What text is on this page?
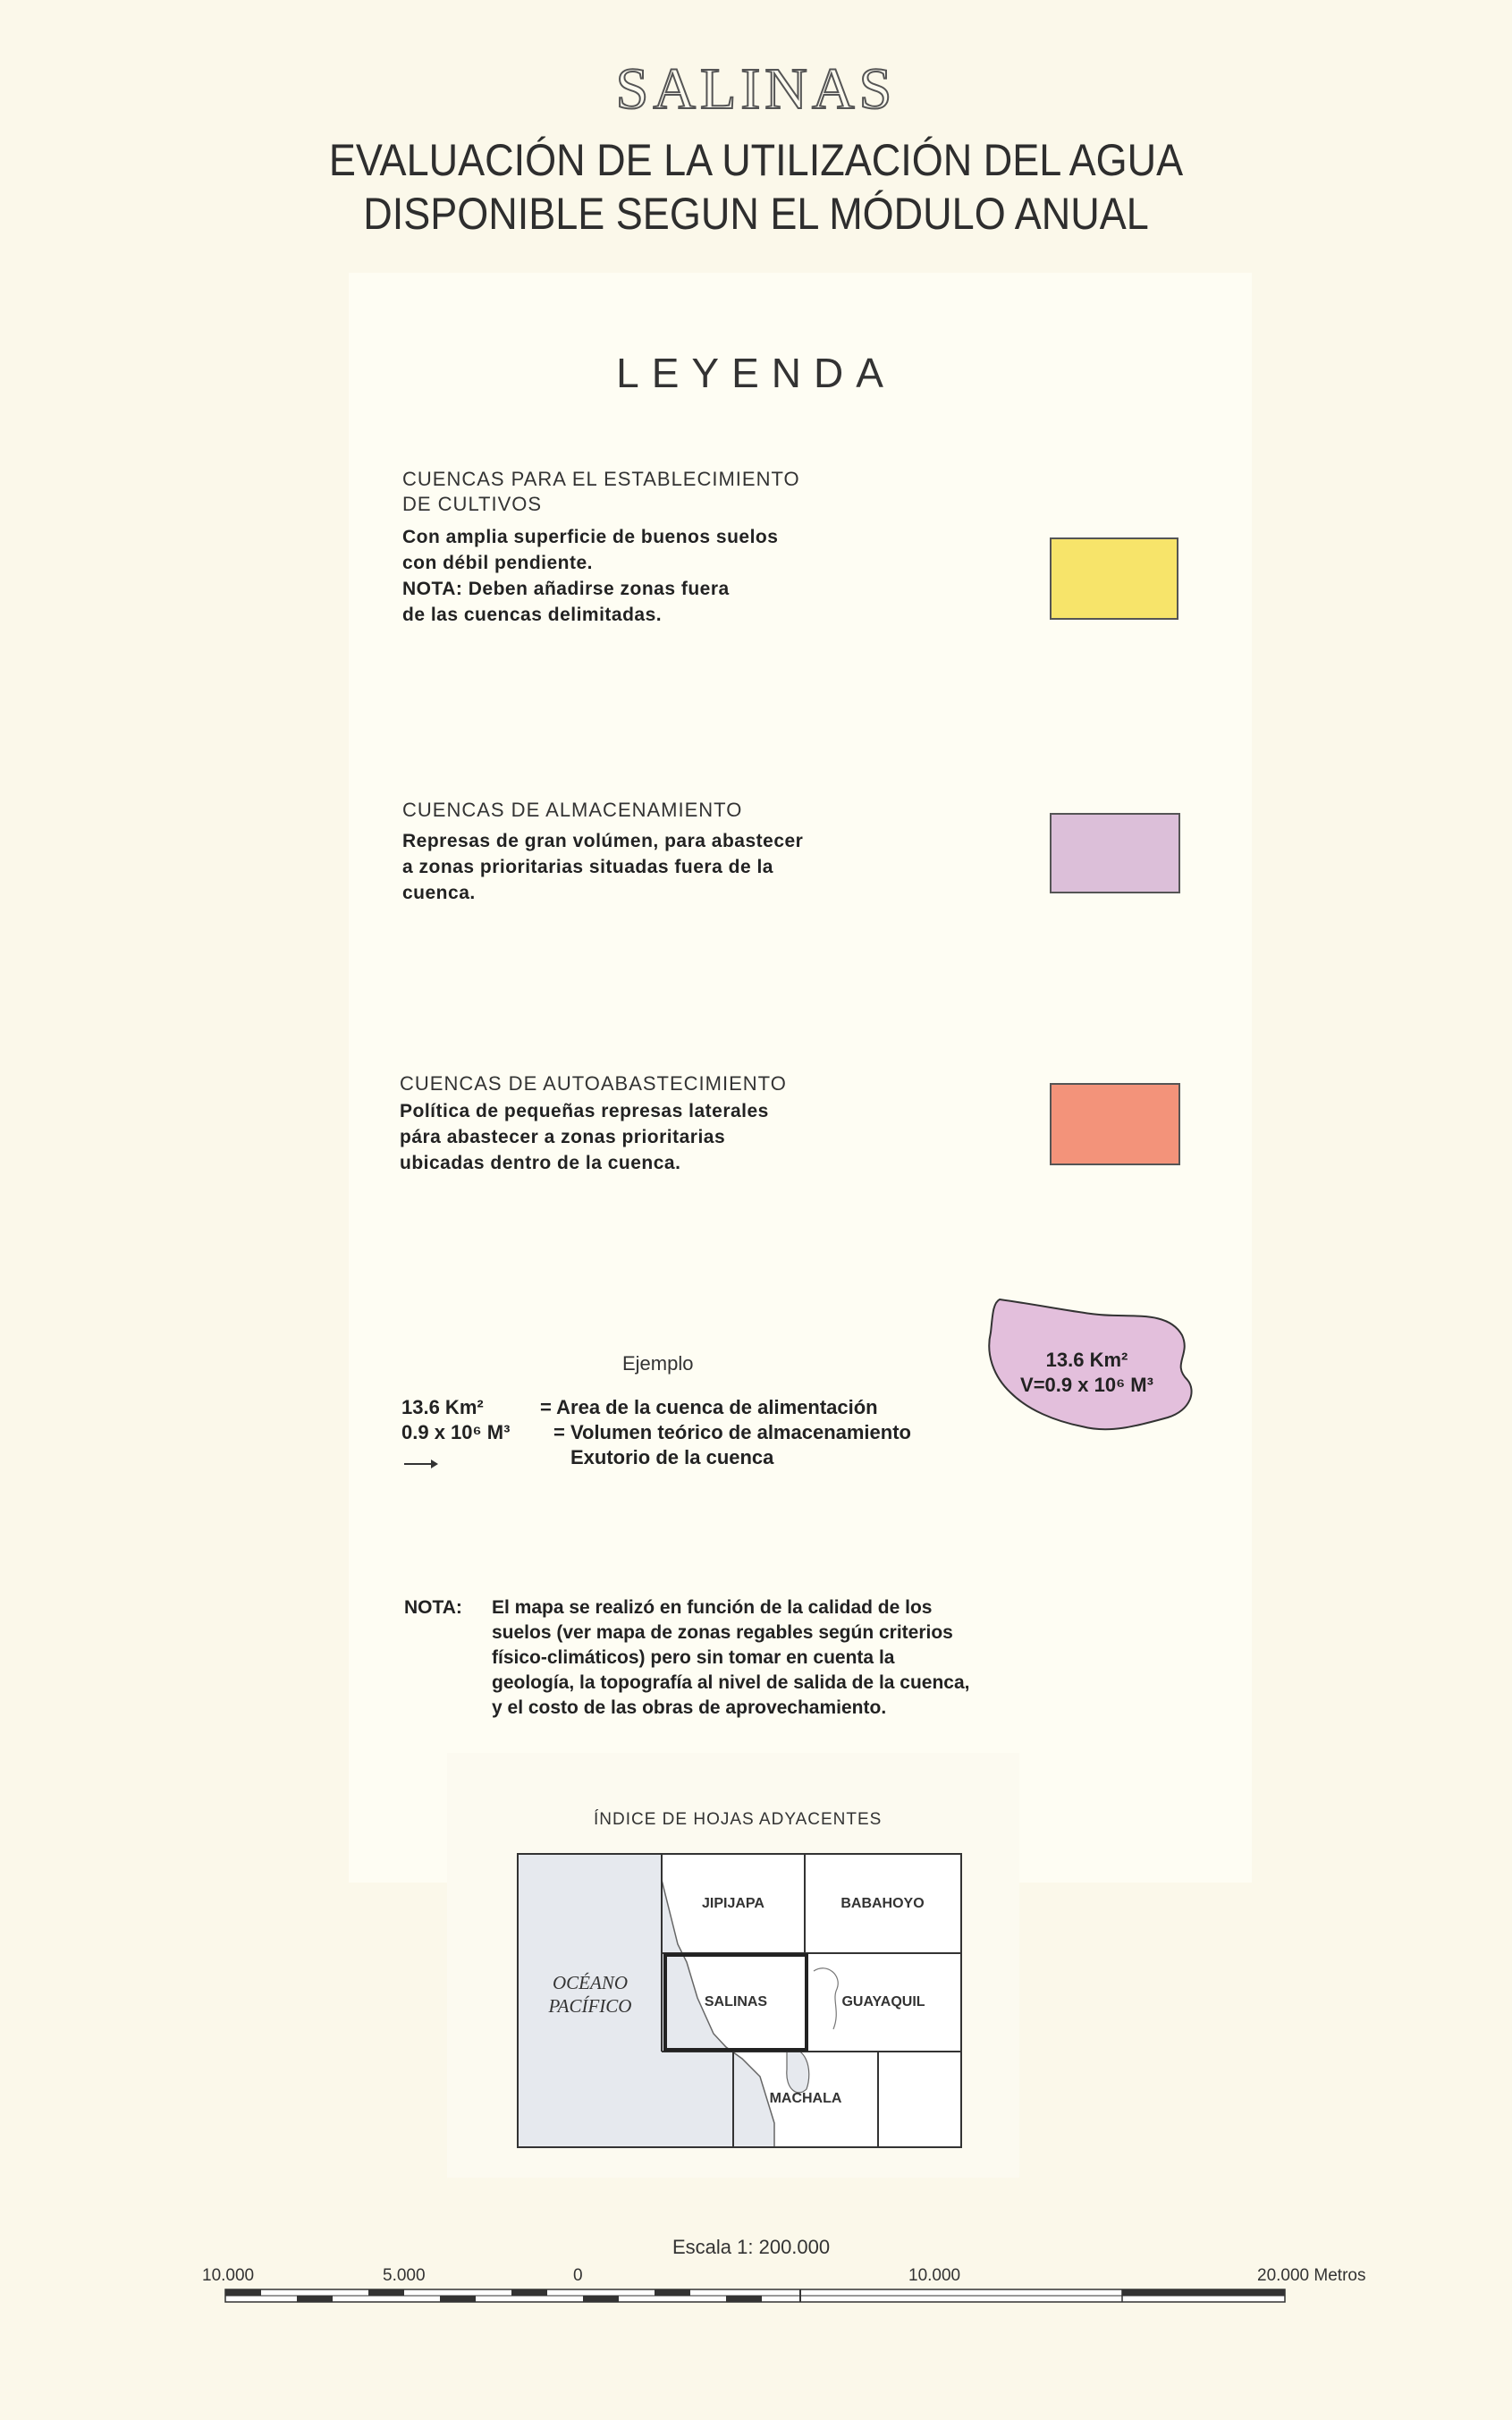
SALINAS
EVALUACIÓN DE LA UTILIZACIÓN DEL AGUA
DISPONIBLE SEGUN EL MÓDULO ANUAL
LEYENDA
CUENCAS PARA EL ESTABLECIMIENTO
DE CULTIVOS
Con amplia superficie de buenos suelos
con débil pendiente.
NOTA: Deben añadirse zonas fuera
de las cuencas delimitadas.
CUENCAS DE ALMACENAMIENTO
Represas de gran volúmen, para abastecer
a zonas prioritarias situadas fuera de la
cuenca.
CUENCAS DE AUTOABASTECIMIENTO
Política de pequeñas represas laterales
pára abastecer a zonas prioritarias
ubicadas dentro de la cuenca.
Ejemplo
13.6 Km²	= Area de la cuenca de alimentación
0.9 x 10⁶ M³ = Volumen teórico de almacenamiento
Exutorio de la cuenca
13.6 Km²
V=0.9 x 10⁶ M³
NOTA: El mapa se realizó en función de la calidad de los
suelos (ver mapa de zonas regables según criterios
físico-climáticos) pero sin tomar en cuenta la
geología, la topografía al nivel de salida de la cuenca,
y el costo de las obras de aprovechamiento.
ÍNDICE DE HOJAS ADYACENTES
JIPIJAPA	BABAHOYO
SALINAS	GUAYAQUIL
MACHALA
OCÉANO
PACÍFICO
Escala 1: 200.000
10.000	5.000	0	10.000	20.000 Metros
